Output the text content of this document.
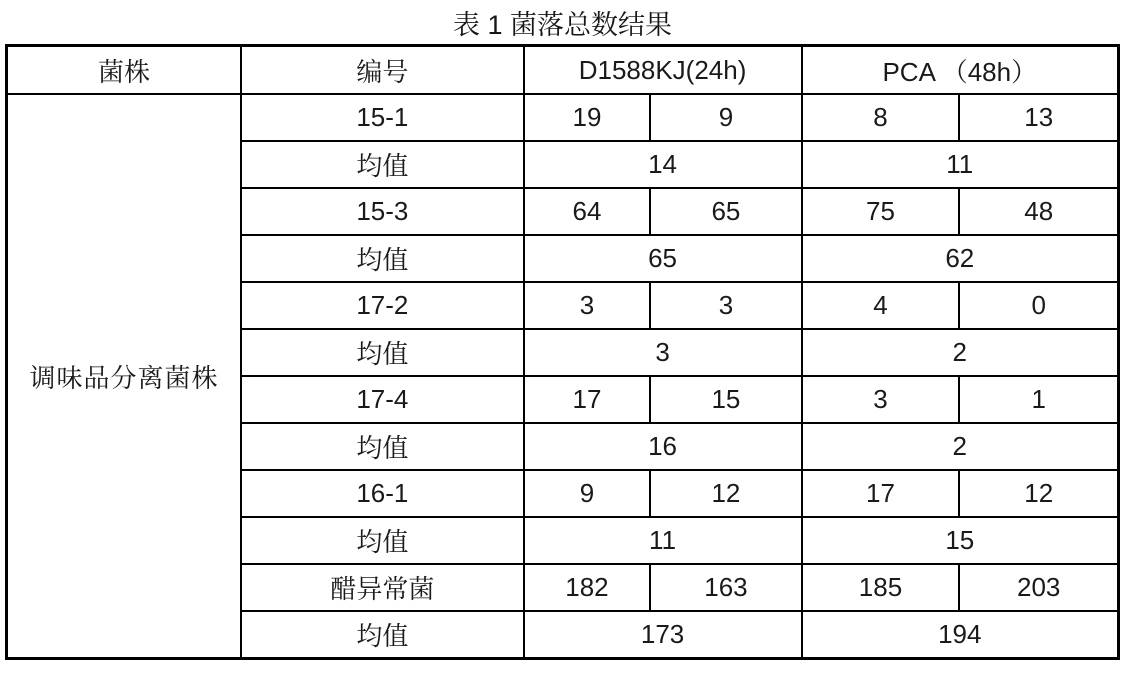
表 1 菌落总数结果
菌株	编号	D1588KJ(24h)		PCA （48h）	
调味品分离菌株	15-1	19	9	8	13
	均值	14		11	
	15-3	64	65	75	48
	均值	65		62	
	17-2	3	3	4	0
	均值	3		2	
	17-4	17	15	3	1
	均值	16		2	
	16-1	9	12	17	12
	均值	11		15	
	醋异常菌	182	163	185	203
	均值	173		194	
